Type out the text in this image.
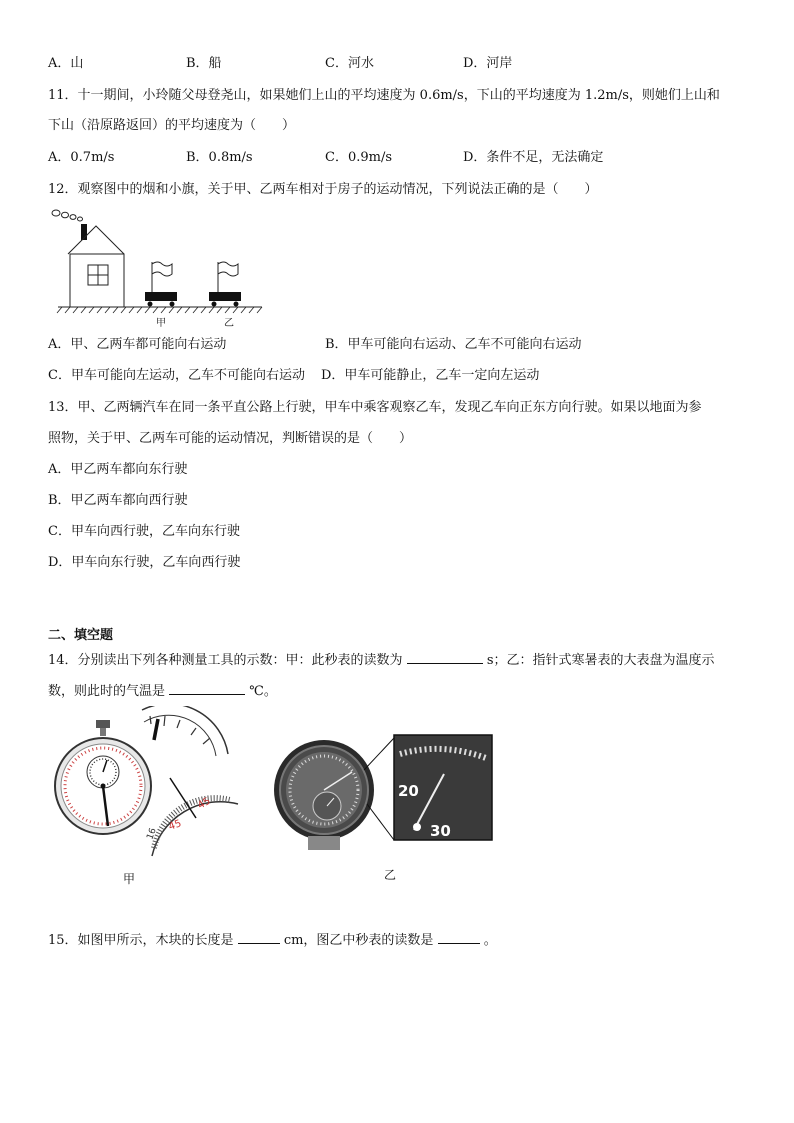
A．山	B．船	C．河水	D．河岸
11．十一期间，小玲随父母登尧山，如果她们上山的平均速度为 0.6m/s，下山的平均速度为 1.2m/s，则她们上山和
下山（沿原路返回）的平均速度为（　　）
A．0.7m/s	B．0.8m/s	C．0.9m/s	D．条件不足，无法确定
12．观察图中的烟和小旗，关于甲、乙两车相对于房子的运动情况，下列说法正确的是（　　）
甲	乙
A．甲、乙两车都可能向右运动	B．甲车可能向右运动、乙车不可能向右运动
C．甲车可能向左运动，乙车不可能向右运动 D．甲车可能静止，乙车一定向左运动
13．甲、乙两辆汽车在同一条平直公路上行驶，甲车中乘客观察乙车，发现乙车向正东方向行驶。如果以地面为参
照物，关于甲、乙两车可能的运动情况，判断错误的是（　　）
A．甲乙两车都向东行驶
B．甲乙两车都向西行驶
C．甲车向西行驶，乙车向东行驶
D．甲车向东行驶，乙车向西行驶
二、填空题
14．分别读出下列各种测量工具的示数：甲：此秒表的读数为	s；乙：指针式寒暑表的大表盘为温度示
数，则此时的气温是	℃。
45
45
16
甲
20
30
乙
15．如图甲所示，木块的长度是	cm，图乙中秒表的读数是	。
